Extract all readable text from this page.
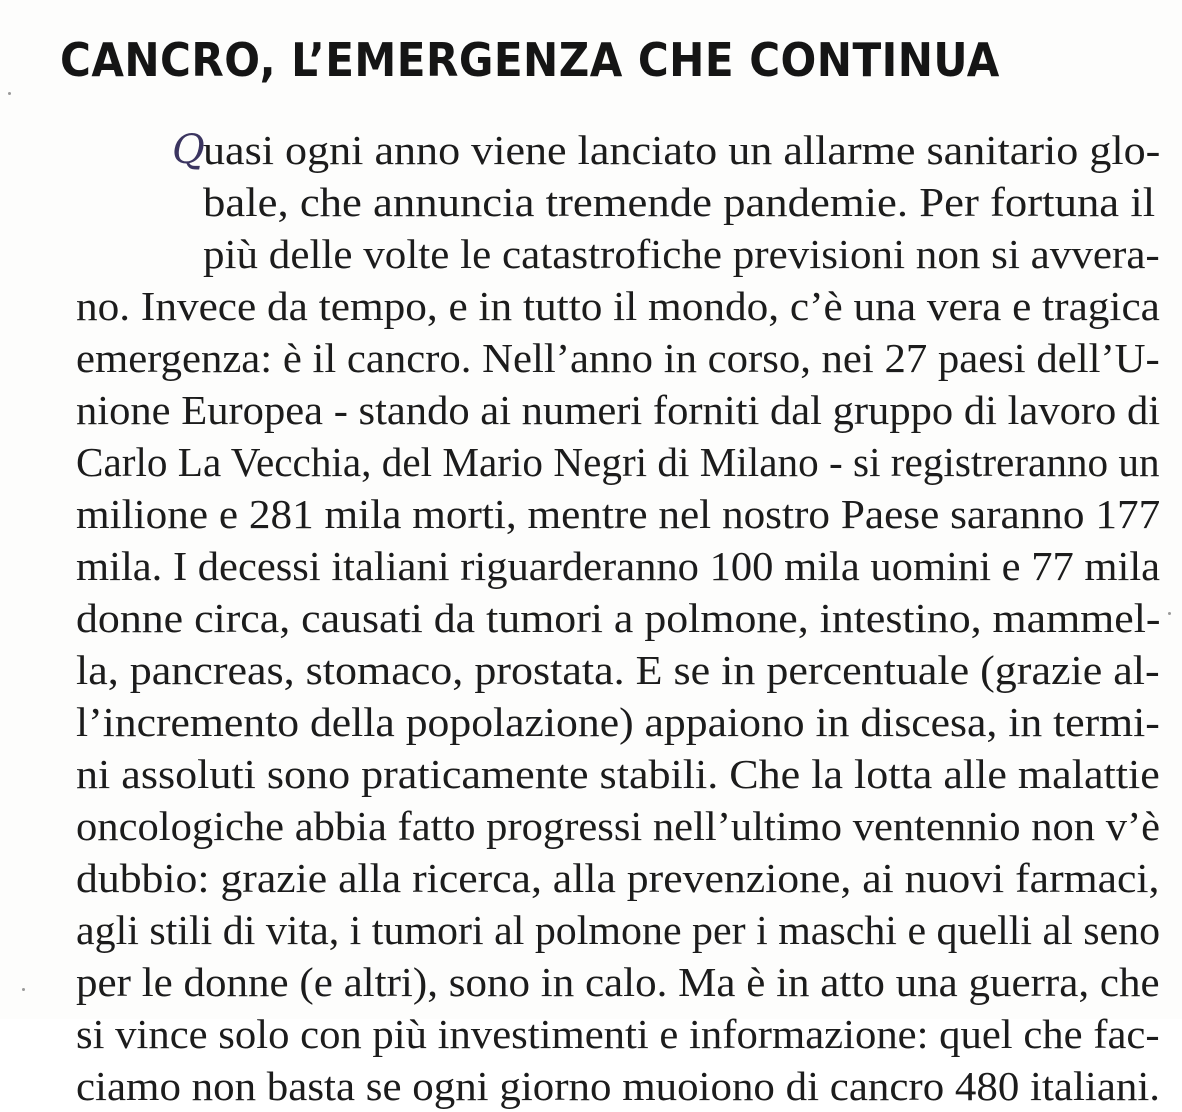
CANCRO, L’EMERGENZA CHE CONTINUA
Q
uasi ogni anno viene lanciato un allarme sanitario glo-
bale, che annuncia tremende pandemie. Per fortuna il
più delle volte le catastrofiche previsioni non si avvera-
no. Invece da tempo, e in tutto il mondo, c’è una vera e tragica
emergenza: è il cancro. Nell’anno in corso, nei 27 paesi dell’U-
nione Europea - stando ai numeri forniti dal gruppo di lavoro di
Carlo La Vecchia, del Mario Negri di Milano - si registreranno un
milione e 281 mila morti, mentre nel nostro Paese saranno 177
mila. I decessi italiani riguarderanno 100 mila uomini e 77 mila
donne circa, causati da tumori a polmone, intestino, mammel-
la, pancreas, stomaco, prostata. E se in percentuale (grazie al-
l’incremento della popolazione) appaiono in discesa, in termi-
ni assoluti sono praticamente stabili. Che la lotta alle malattie
oncologiche abbia fatto progressi nell’ultimo ventennio non v’è
dubbio: grazie alla ricerca, alla prevenzione, ai nuovi farmaci,
agli stili di vita, i tumori al polmone per i maschi e quelli al seno
per le donne (e altri), sono in calo. Ma è in atto una guerra, che
si vince solo con più investimenti e informazione: quel che fac-
ciamo non basta se ogni giorno muoiono di cancro 480 italiani.
